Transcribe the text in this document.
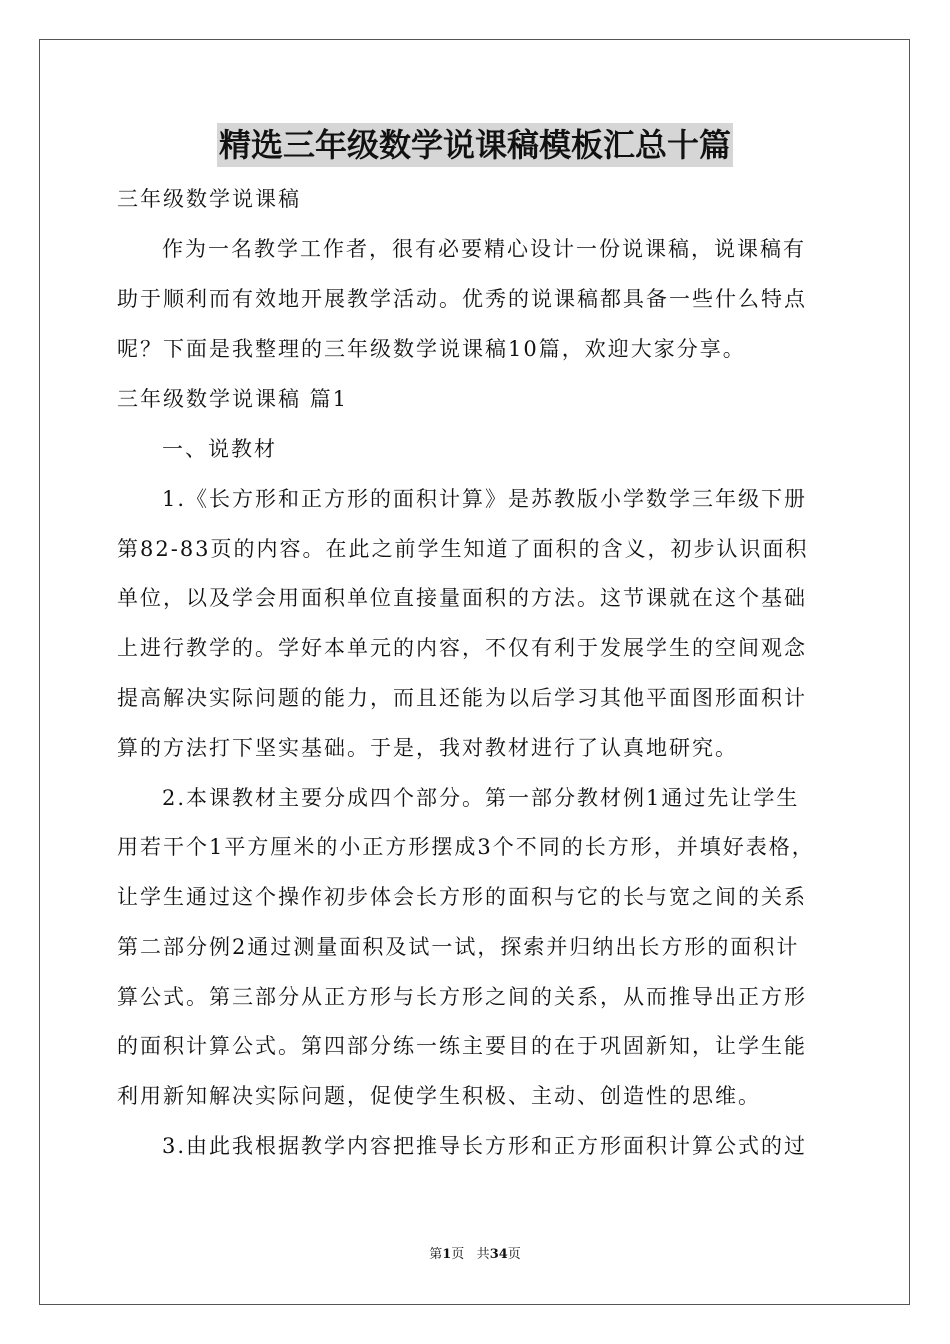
精选三年级数学说课稿模板汇总十篇

三年级数学说课稿

作为一名教学工作者，很有必要精心设计一份说课稿，说课稿有

助于顺利而有效地开展教学活动。优秀的说课稿都具备一些什么特点

呢？下面是我整理的三年级数学说课稿10篇，欢迎大家分享。

三年级数学说课稿 篇1

一、说教材

1.《长方形和正方形的面积计算》是苏教版小学数学三年级下册

第82-83页的内容。在此之前学生知道了面积的含义，初步认识面积

单位，以及学会用面积单位直接量面积的方法。这节课就在这个基础

上进行教学的。学好本单元的内容，不仅有利于发展学生的空间观念

提高解决实际问题的能力，而且还能为以后学习其他平面图形面积计

算的方法打下坚实基础。于是，我对教材进行了认真地研究。

2.本课教材主要分成四个部分。第一部分教材例1通过先让学生

用若干个1平方厘米的小正方形摆成3个不同的长方形，并填好表格，

让学生通过这个操作初步体会长方形的面积与它的长与宽之间的关系

第二部分例2通过测量面积及试一试，探索并归纳出长方形的面积计

算公式。第三部分从正方形与长方形之间的关系，从而推导出正方形

的面积计算公式。第四部分练一练主要目的在于巩固新知，让学生能

利用新知解决实际问题，促使学生积极、主动、创造性的思维。

3.由此我根据教学内容把推导长方形和正方形面积计算公式的过

第1页 共34页
